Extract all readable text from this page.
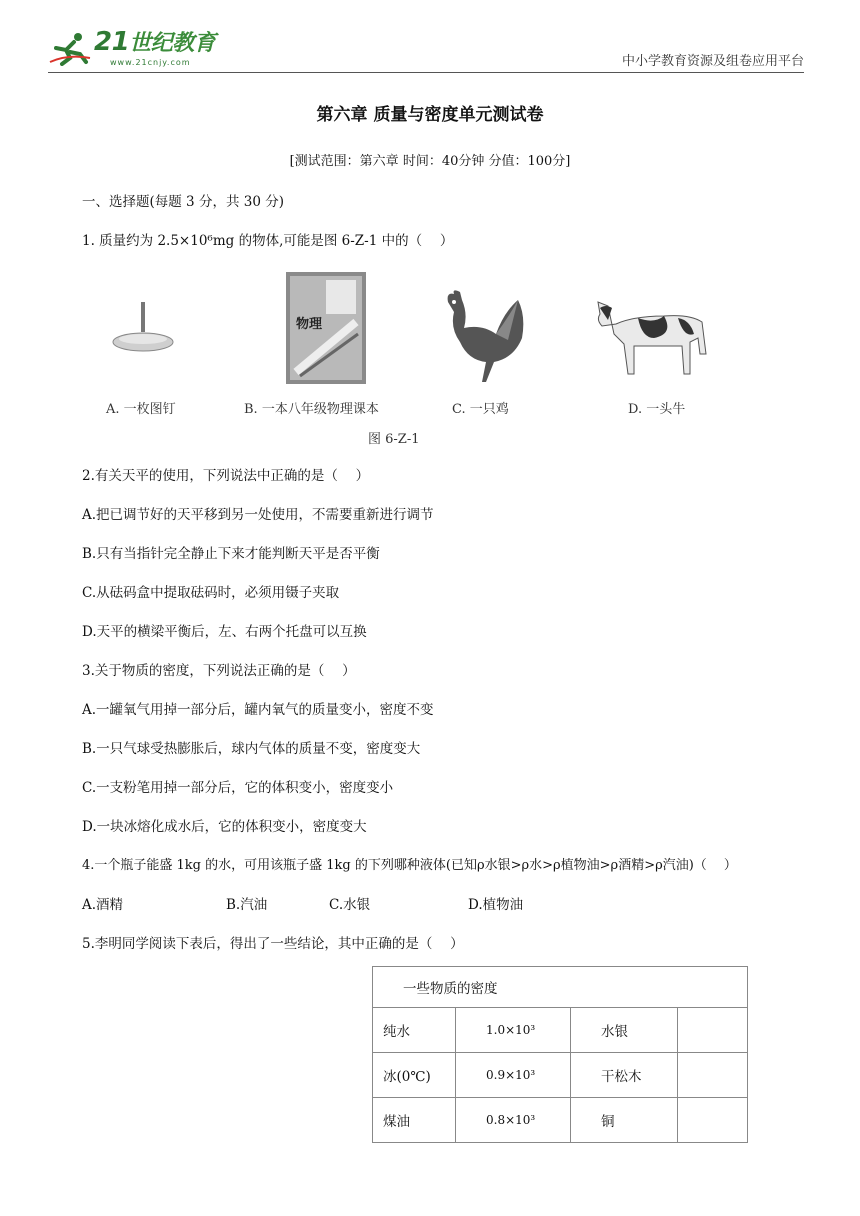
21世纪教育
www.21cnjy.com	中小学教育资源及组卷应用平台
第六章 质量与密度单元测试卷
[测试范围：第六章 时间：40分钟 分值：100分]
一、选择题(每题 3 分，共 30 分)
1. 质量约为 2.5×10⁶mg 的物体,可能是图 6-Z-1 中的（　 ）
物理
A. 一枚图钉	B. 一本八年级物理课本	C. 一只鸡	D. 一头牛
图 6-Z-1
2.有关天平的使用，下列说法中正确的是（　 ）
A.把已调节好的天平移到另一处使用，不需要重新进行调节
B.只有当指针完全静止下来才能判断天平是否平衡
C.从砝码盒中提取砝码时，必须用镊子夹取
D.天平的横梁平衡后，左、右两个托盘可以互换
3.关于物质的密度，下列说法正确的是（　 ）
A.一罐氧气用掉一部分后，罐内氧气的质量变小，密度不变
B.一只气球受热膨胀后，球内气体的质量不变，密度变大
C.一支粉笔用掉一部分后，它的体积变小，密度变小
D.一块冰熔化成水后，它的体积变小，密度变大
4.一个瓶子能盛 1kg 的水，可用该瓶子盛 1kg 的下列哪种液体(已知ρ水银>ρ水>ρ植物油>ρ酒精>ρ汽油)（　 ）
A.酒精	B.汽油	C.水银	D.植物油
5.李明同学阅读下表后，得出了一些结论，其中正确的是（　 ）
一些物质的密度			
纯水	1.0×10³	水银	
冰(0℃)	0.9×10³	干松木	
煤油	0.8×10³	铜	
